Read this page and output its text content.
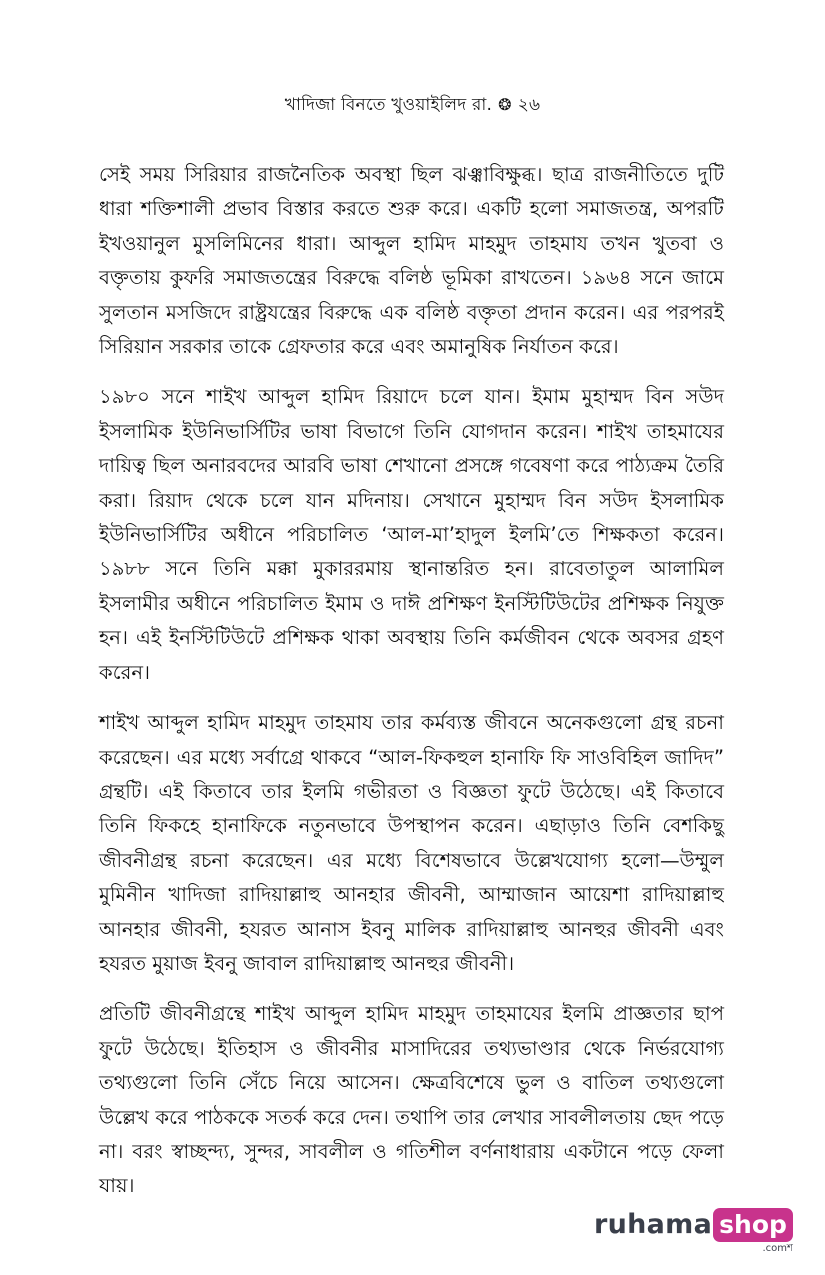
খাদিজা বিনতে খুওয়াইলিদ রা. ❂ ২৬

সেই সময় সিরিয়ার রাজনৈতিক অবস্থা ছিল ঝঞ্ঝাবিক্ষুব্ধ। ছাত্র রাজনীতিতে দুটি ধারা শক্তিশালী প্রভাব বিস্তার করতে শুরু করে। একটি হলো সমাজতন্ত্র, অপরটি ইখওয়ানুল মুসলিমিনের ধারা। আব্দুল হামিদ মাহমুদ তাহমায তখন খুতবা ও বক্তৃতায় কুফরি সমাজতন্ত্রের বিরুদ্ধে বলিষ্ঠ ভূমিকা রাখতেন। ১৯৬৪ সনে জামে সুলতান মসজিদে রাষ্ট্রযন্ত্রের বিরুদ্ধে এক বলিষ্ঠ বক্তৃতা প্রদান করেন। এর পরপরই সিরিয়ান সরকার তাকে গ্রেফতার করে এবং অমানুষিক নির্যাতন করে।

১৯৮০ সনে শাইখ আব্দুল হামিদ রিয়াদে চলে যান। ইমাম মুহাম্মদ বিন সউদ ইসলামিক ইউনিভার্সিটির ভাষা বিভাগে তিনি যোগদান করেন। শাইখ তাহমাযের দায়িত্ব ছিল অনারবদের আরবি ভাষা শেখানো প্রসঙ্গে গবেষণা করে পাঠ্যক্রম তৈরি করা। রিয়াদ থেকে চলে যান মদিনায়। সেখানে মুহাম্মদ বিন সউদ ইসলামিক ইউনিভার্সিটির অধীনে পরিচালিত ‘আল-মা’হাদুল ইলমি’তে শিক্ষকতা করেন। ১৯৮৮ সনে তিনি মক্কা মুকাররমায় স্থানান্তরিত হন। রাবেতাতুল আলামিল ইসলামীর অধীনে পরিচালিত ইমাম ও দাঈ প্রশিক্ষণ ইনস্টিটিউটের প্রশিক্ষক নিযুক্ত হন। এই ইনস্টিটিউটে প্রশিক্ষক থাকা অবস্থায় তিনি কর্মজীবন থেকে অবসর গ্রহণ করেন।

শাইখ আব্দুল হামিদ মাহমুদ তাহমায তার কর্মব্যস্ত জীবনে অনেকগুলো গ্রন্থ রচনা করেছেন। এর মধ্যে সর্বাগ্রে থাকবে “আল-ফিকহুল হানাফি ফি সাওবিহিল জাদিদ” গ্রন্থটি। এই কিতাবে তার ইলমি গভীরতা ও বিজ্ঞতা ফুটে উঠেছে। এই কিতাবে তিনি ফিকহে হানাফিকে নতুনভাবে উপস্থাপন করেন। এছাড়াও তিনি বেশকিছু জীবনীগ্রন্থ রচনা করেছেন। এর মধ্যে বিশেষভাবে উল্লেখযোগ্য হলো—উম্মুল মুমিনীন খাদিজা রাদিয়াল্লাহু আনহার জীবনী, আম্মাজান আয়েশা রাদিয়াল্লাহু আনহার জীবনী, হযরত আনাস ইবনু মালিক রাদিয়াল্লাহু আনহুর জীবনী এবং হযরত মুয়াজ ইবনু জাবাল রাদিয়াল্লাহু আনহুর জীবনী।

প্রতিটি জীবনীগ্রন্থে শাইখ আব্দুল হামিদ মাহমুদ তাহমাযের ইলমি প্রাজ্ঞতার ছাপ ফুটে উঠেছে। ইতিহাস ও জীবনীর মাসাদিরের তথ্যভাণ্ডার থেকে নির্ভরযোগ্য তথ্যগুলো তিনি সেঁচে নিয়ে আসেন। ক্ষেত্রবিশেষে ভুল ও বাতিল তথ্যগুলো উল্লেখ করে পাঠককে সতর্ক করে দেন। তথাপি তার লেখার সাবলীলতায় ছেদ পড়ে না। বরং স্বাচ্ছন্দ্য, সুন্দর, সাবলীল ও গতিশীল বর্ণনাধারায় একটানে পড়ে ফেলা যায়।

ruhama shop
.comশ
